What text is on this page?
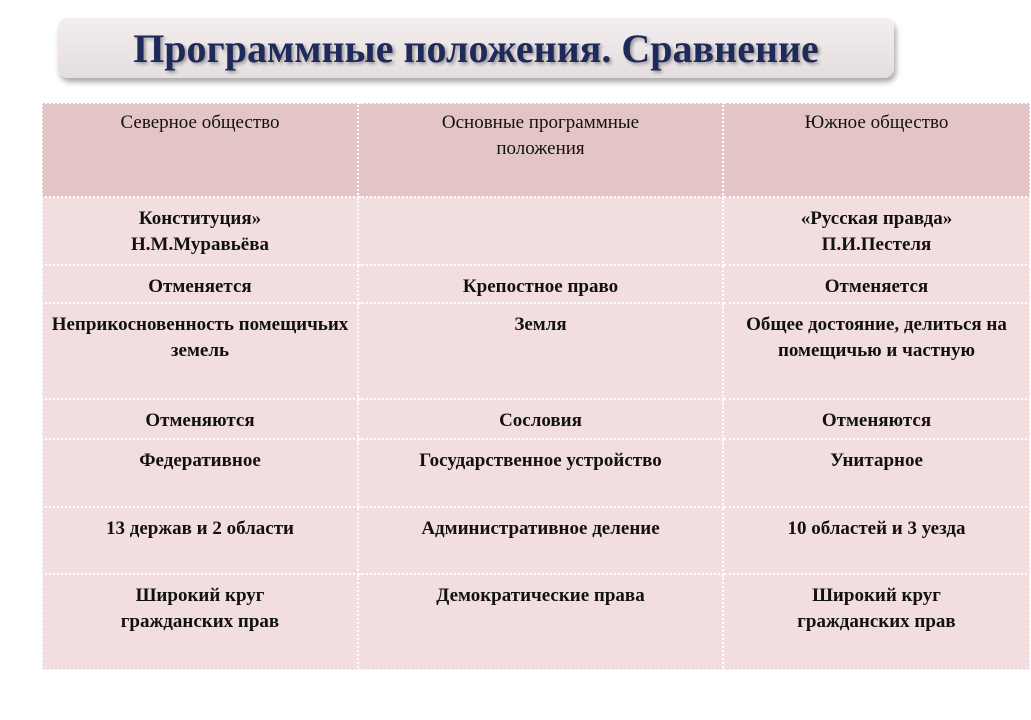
Программные положения. Сравнение
Северное общество	Основные программные положения	Южное общество
Конституция» Н.М.Муравьёва		«Русская правда» П.И.Пестеля
Отменяется	Крепостное право	Отменяется
Неприкосновенность помещичьих земель	Земля	Общее достояние, делиться на помещичью и частную
Отменяются	Сословия	Отменяются
Федеративное	Государственное устройство	Унитарное
13 держав и 2 области	Административное деление	10 областей и 3 уезда
Широкий круг гражданских прав	Демократические права	Широкий круг гражданских прав
